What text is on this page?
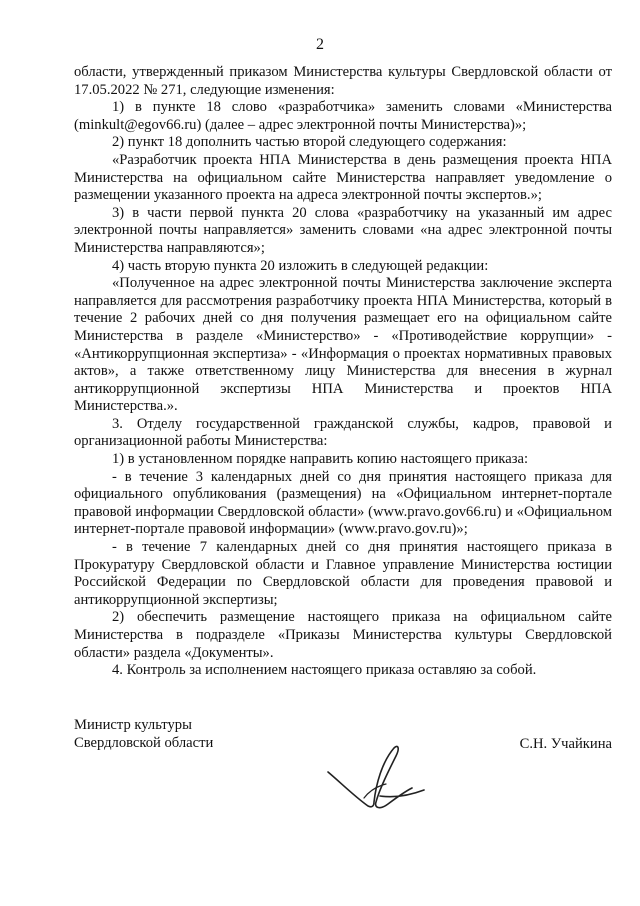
2

области, утвержденный приказом Министерства культуры Свердловской области от 17.05.2022 № 271, следующие изменения:

1) в пункте 18 слово «разработчика» заменить словами «Министерства (minkult@egov66.ru) (далее – адрес электронной почты Министерства)»;

2) пункт 18 дополнить частью второй следующего содержания:

«Разработчик проекта НПА Министерства в день размещения проекта НПА Министерства на официальном сайте Министерства направляет уведомление о размещении указанного проекта на адреса электронной почты экспертов.»;

3) в части первой пункта 20 слова «разработчику на указанный им адрес электронной почты направляется» заменить словами «на адрес электронной почты Министерства направляются»;

4) часть вторую пункта 20 изложить в следующей редакции:

«Полученное на адрес электронной почты Министерства заключение эксперта направляется для рассмотрения разработчику проекта НПА Министерства, который в течение 2 рабочих дней со дня получения размещает его на официальном сайте Министерства в разделе «Министерство» - «Противодействие коррупции» - «Антикоррупционная экспертиза» - «Информация о проектах нормативных правовых актов», а также ответственному лицу Министерства для внесения в журнал антикоррупционной экспертизы НПА Министерства и проектов НПА Министерства.».

3. Отделу государственной гражданской службы, кадров, правовой и организационной работы Министерства:

1) в установленном порядке направить копию настоящего приказа:

- в течение 3 календарных дней со дня принятия настоящего приказа для официального опубликования (размещения) на «Официальном интернет-портале правовой информации Свердловской области» (www.pravo.gov66.ru) и «Официальном интернет-портале правовой информации» (www.pravo.gov.ru)»;

- в течение 7 календарных дней со дня принятия настоящего приказа в Прокуратуру Свердловской области и Главное управление Министерства юстиции Российской Федерации по Свердловской области для проведения правовой и антикоррупционной экспертизы;

2) обеспечить размещение настоящего приказа на официальном сайте Министерства в подразделе «Приказы Министерства культуры Свердловской области» раздела «Документы».

4. Контроль за исполнением настоящего приказа оставляю за собой.

Министр культуры
Свердловской области	С.Н. Учайкина
